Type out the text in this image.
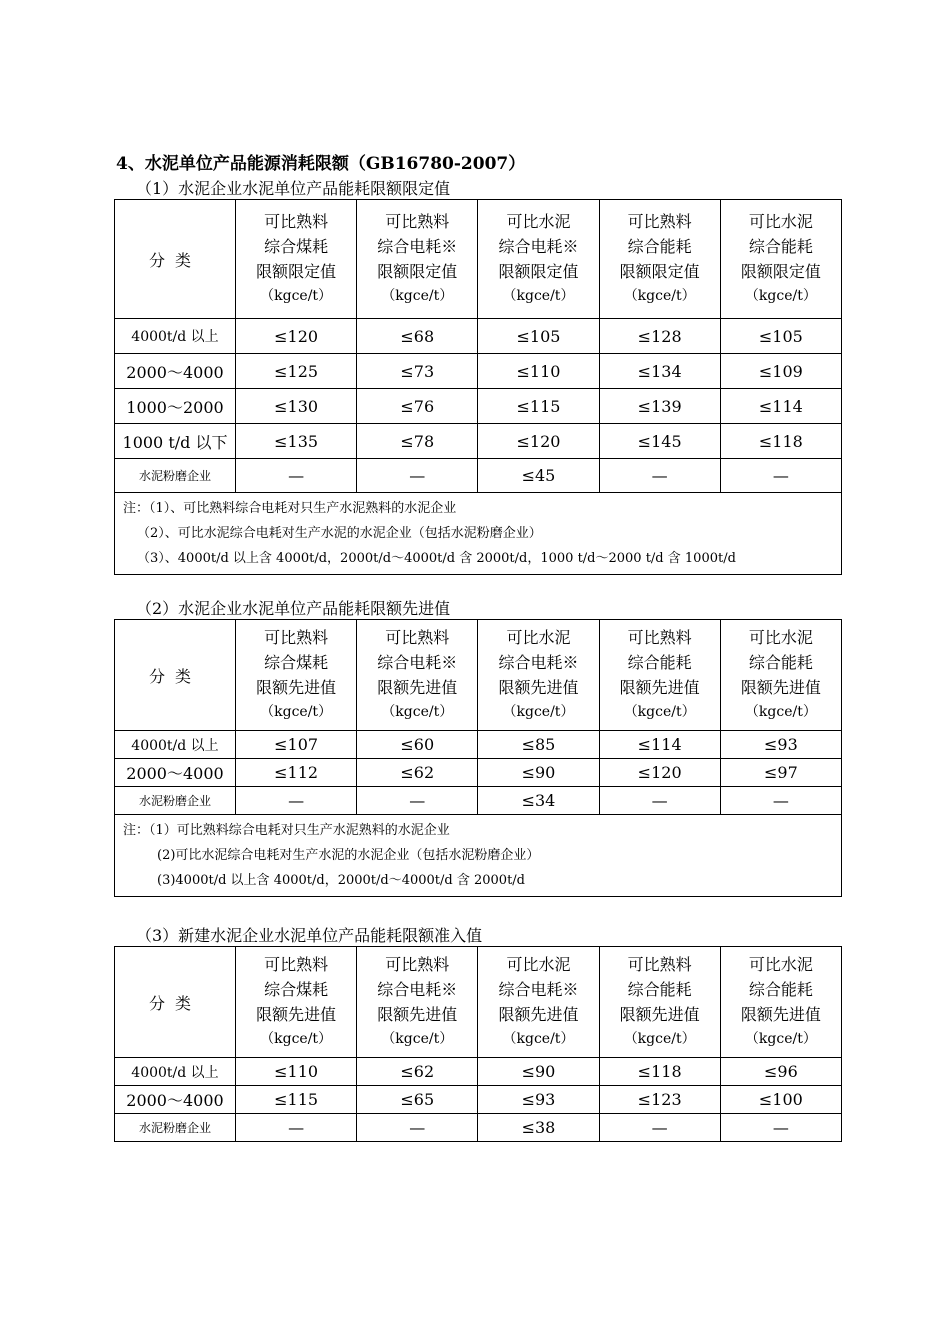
4、水泥单位产品能源消耗限额（GB16780-2007）
（1）水泥企业水泥单位产品能耗限额限定值
分类	可比熟料
综合煤耗
限额限定值
（kgce/t）	可比熟料
综合电耗※
限额限定值
（kgce/t）	可比水泥
综合电耗※
限额限定值
（kgce/t）	可比熟料
综合能耗
限额限定值
（kgce/t）	可比水泥
综合能耗
限额限定值
（kgce/t）

4000t/d 以上	≤120	≤68	≤105	≤128	≤105
2000～4000	≤125	≤73	≤110	≤134	≤109
1000～2000	≤130	≤76	≤115	≤139	≤114
1000 t/d 以下	≤135	≤78	≤120	≤145	≤118
水泥粉磨企业	—	—	≤45	—	—

注：（1）、可比熟料综合电耗对只生产水泥熟料的水泥企业
（2）、可比水泥综合电耗对生产水泥的水泥企业（包括水泥粉磨企业）
（3）、4000t/d 以上含 4000t/d，2000t/d～4000t/d 含 2000t/d，1000 t/d～2000 t/d 含 1000t/d					
（2）水泥企业水泥单位产品能耗限额先进值
分类	可比熟料
综合煤耗
限额先进值
（kgce/t）	可比熟料
综合电耗※
限额先进值
（kgce/t）	可比水泥
综合电耗※
限额先进值
（kgce/t）	可比熟料
综合能耗
限额先进值
（kgce/t）	可比水泥
综合能耗
限额先进值
（kgce/t）

4000t/d 以上	≤107	≤60	≤85	≤114	≤93
2000～4000	≤112	≤62	≤90	≤120	≤97
水泥粉磨企业	—	—	≤34	—	—

注：（1）可比熟料综合电耗对只生产水泥熟料的水泥企业
(2)可比水泥综合电耗对生产水泥的水泥企业（包括水泥粉磨企业）
(3)4000t/d 以上含 4000t/d，2000t/d～4000t/d 含 2000t/d					
（3）新建水泥企业水泥单位产品能耗限额准入值
分类	可比熟料
综合煤耗
限额先进值
（kgce/t）	可比熟料
综合电耗※
限额先进值
（kgce/t）	可比水泥
综合电耗※
限额先进值
（kgce/t）	可比熟料
综合能耗
限额先进值
（kgce/t）	可比水泥
综合能耗
限额先进值
（kgce/t）

4000t/d 以上	≤110	≤62	≤90	≤118	≤96
2000～4000	≤115	≤65	≤93	≤123	≤100
水泥粉磨企业	—	—	≤38	—	—
